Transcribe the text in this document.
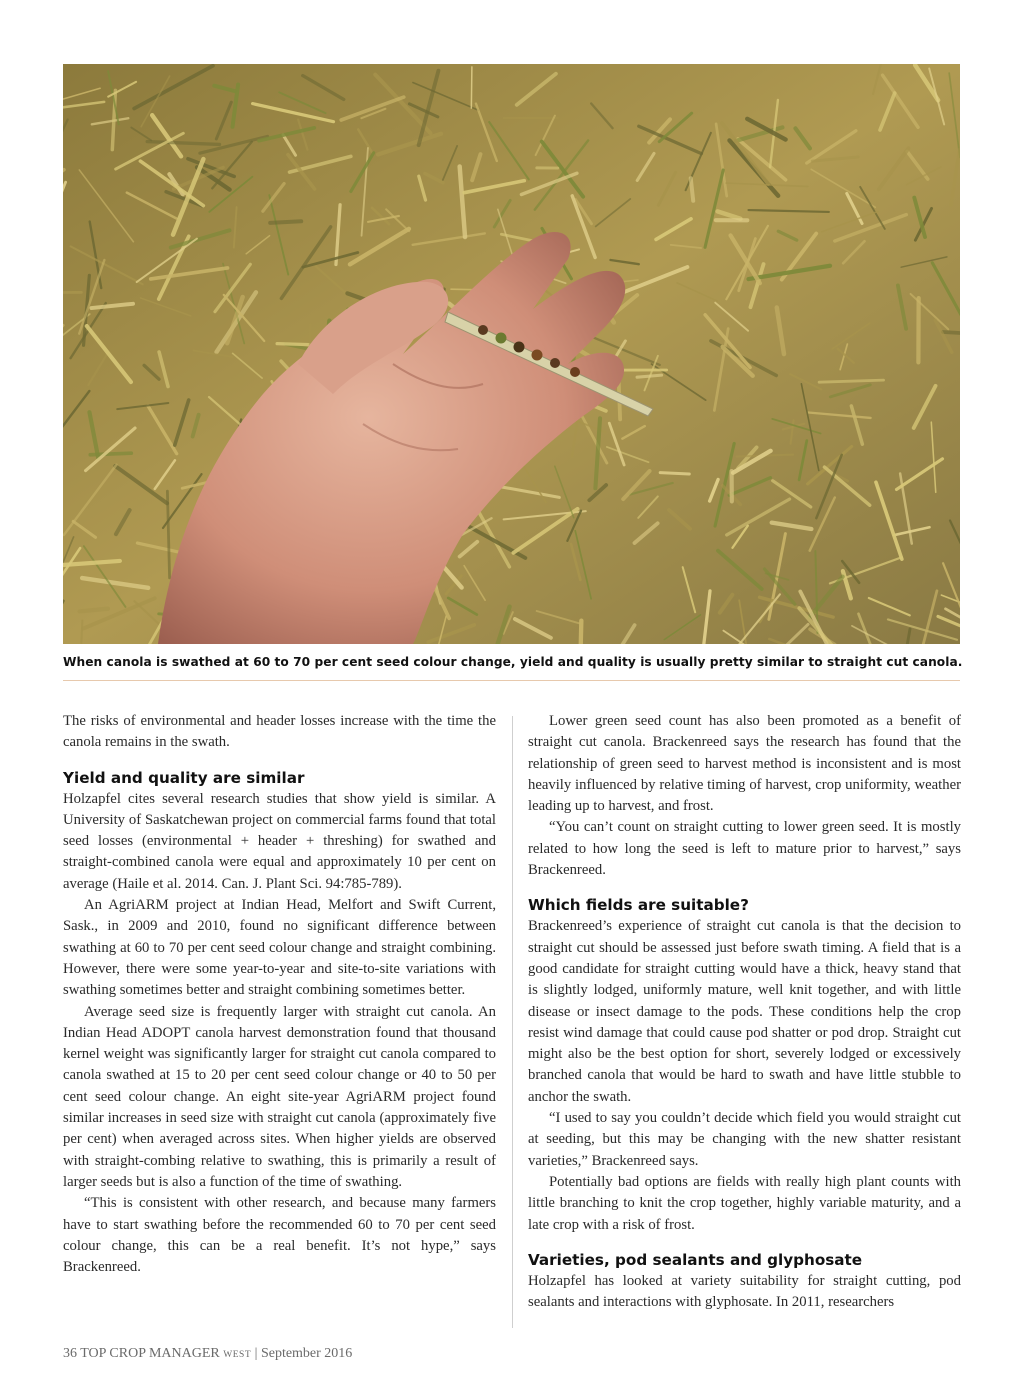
When canola is swathed at 60 to 70 per cent seed colour change, yield and quality is usually pretty similar to straight cut canola.

The risks of environmental and header losses increase with the time the canola remains in the swath.

Yield and quality are similar

Holzapfel cites several research studies that show yield is similar. A University of Saskatchewan project on commercial farms found that total seed losses (environmental + header + threshing) for swathed and straight-combined canola were equal and approximately 10 per cent on average (Haile et al. 2014. Can. J. Plant Sci. 94:785-789).

An AgriARM project at Indian Head, Melfort and Swift Current, Sask., in 2009 and 2010, found no significant difference between swathing at 60 to 70 per cent seed colour change and straight combining. However, there were some year-to-year and site-to-site variations with swathing sometimes better and straight combining sometimes better.

Average seed size is frequently larger with straight cut canola. An Indian Head ADOPT canola harvest demonstration found that thousand kernel weight was significantly larger for straight cut canola compared to canola swathed at 15 to 20 per cent seed colour change or 40 to 50 per cent seed colour change. An eight site-year AgriARM project found similar increases in seed size with straight cut canola (approximately five per cent) when averaged across sites. When higher yields are observed with straight-combing relative to swathing, this is primarily a result of larger seeds but is also a function of the time of swathing.

“This is consistent with other research, and because many farmers have to start swathing before the recommended 60 to 70 per cent seed colour change, this can be a real benefit. It’s not hype,” says Brackenreed.

Lower green seed count has also been promoted as a benefit of straight cut canola. Brackenreed says the research has found that the relationship of green seed to harvest method is inconsistent and is most heavily influenced by relative timing of harvest, crop uniformity, weather leading up to harvest, and frost.

“You can’t count on straight cutting to lower green seed. It is mostly related to how long the seed is left to mature prior to harvest,” says Brackenreed.

Which fields are suitable?

Brackenreed’s experience of straight cut canola is that the decision to straight cut should be assessed just before swath timing. A field that is a good candidate for straight cutting would have a thick, heavy stand that is slightly lodged, uniformly mature, well knit together, and with little disease or insect damage to the pods. These conditions help the crop resist wind damage that could cause pod shatter or pod drop. Straight cut might also be the best option for short, severely lodged or excessively branched canola that would be hard to swath and have little stubble to anchor the swath.

“I used to say you couldn’t decide which field you would straight cut at seeding, but this may be changing with the new shatter resistant varieties,” Brackenreed says.

Potentially bad options are fields with really high plant counts with little branching to knit the crop together, highly variable maturity, and a late crop with a risk of frost.

Varieties, pod sealants and glyphosate

Holzapfel has looked at variety suitability for straight cutting, pod sealants and interactions with glyphosate. In 2011, researchers

36 TOP CROP MANAGER WEST | September 2016
